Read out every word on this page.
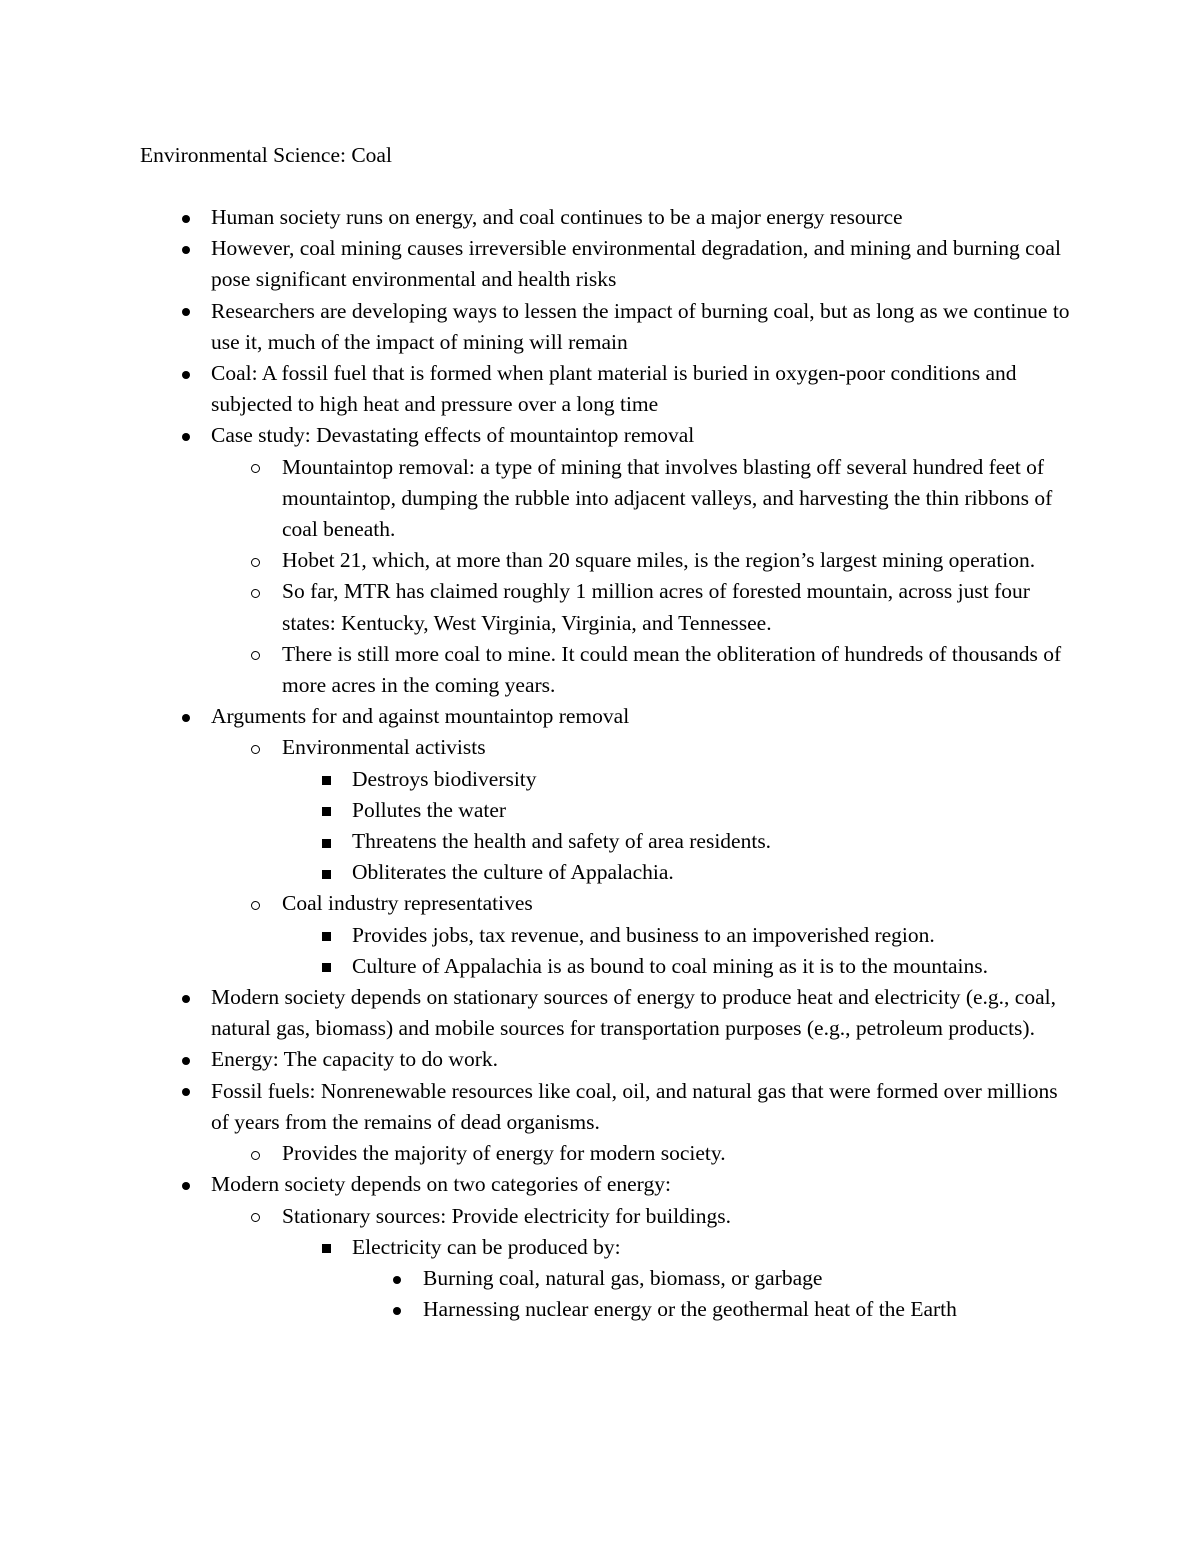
Environmental Science: Coal
Human society runs on energy, and coal continues to be a major energy resource
However, coal mining causes irreversible environmental degradation, and mining and burning coal pose significant environmental and health risks
Researchers are developing ways to lessen the impact of burning coal, but as long as we continue to use it, much of the impact of mining will remain
Coal: A fossil fuel that is formed when plant material is buried in oxygen-poor conditions and subjected to high heat and pressure over a long time
Case study: Devastating effects of mountaintop removal
Mountaintop removal: a type of mining that involves blasting off several hundred feet of mountaintop, dumping the rubble into adjacent valleys, and harvesting the thin ribbons of coal beneath.
Hobet 21, which, at more than 20 square miles, is the region’s largest mining operation.
So far, MTR has claimed roughly 1 million acres of forested mountain, across just four states: Kentucky, West Virginia, Virginia, and Tennessee.
There is still more coal to mine. It could mean the obliteration of hundreds of thousands of more acres in the coming years.
Arguments for and against mountaintop removal
Environmental activists
Destroys biodiversity
Pollutes the water
Threatens the health and safety of area residents.
Obliterates the culture of Appalachia.
Coal industry representatives
Provides jobs, tax revenue, and business to an impoverished region.
Culture of Appalachia is as bound to coal mining as it is to the mountains.
Modern society depends on stationary sources of energy to produce heat and electricity (e.g., coal, natural gas, biomass) and mobile sources for transportation purposes (e.g., petroleum products).
Energy: The capacity to do work.
Fossil fuels: Nonrenewable resources like coal, oil, and natural gas that were formed over millions of years from the remains of dead organisms.
Provides the majority of energy for modern society.
Modern society depends on two categories of energy:
Stationary sources: Provide electricity for buildings.
Electricity can be produced by:
Burning coal, natural gas, biomass, or garbage
Harnessing nuclear energy or the geothermal heat of the Earth
